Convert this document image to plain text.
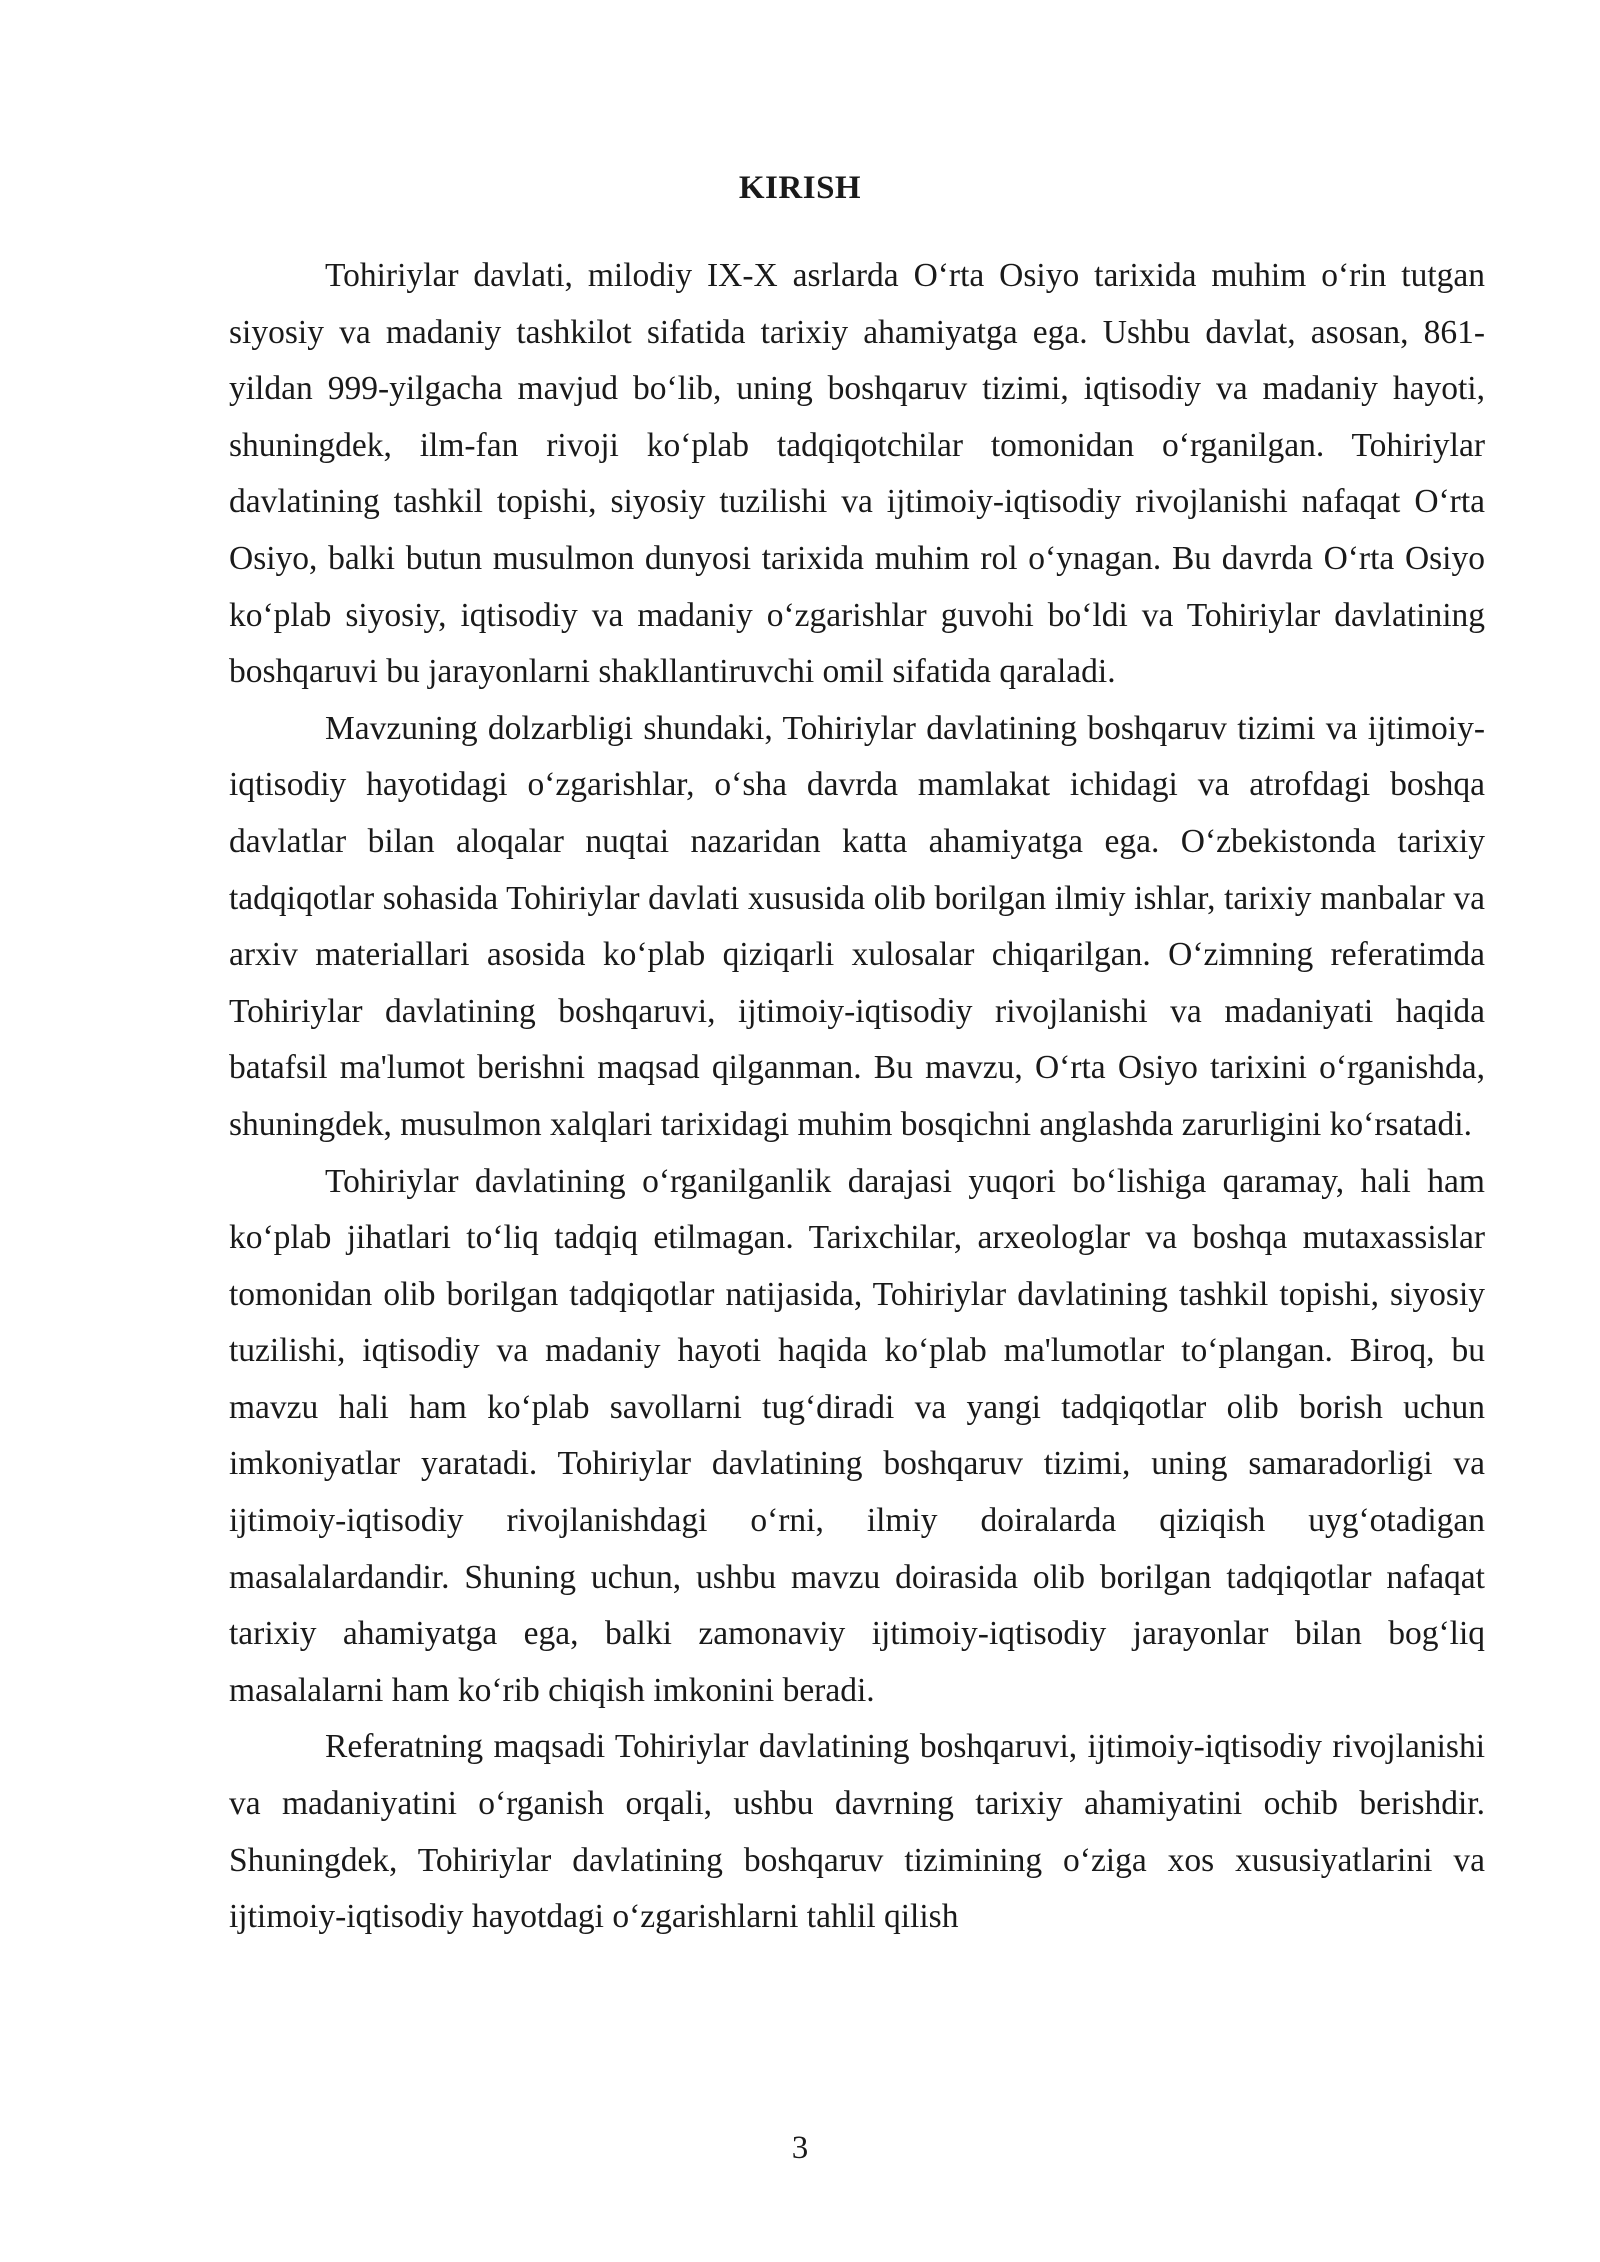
KIRISH

Tohiriylar davlati, milodiy IX-X asrlarda O‘rta Osiyo tarixida muhim o‘rin tutgan siyosiy va madaniy tashkilot sifatida tarixiy ahamiyatga ega. Ushbu davlat, asosan, 861-yildan 999-yilgacha mavjud bo‘lib, uning boshqaruv tizimi, iqtisodiy va madaniy hayoti, shuningdek, ilm-fan rivoji ko‘plab tadqiqotchilar tomonidan o‘rganilgan. Tohiriylar davlatining tashkil topishi, siyosiy tuzilishi va ijtimoiy-iqtisodiy rivojlanishi nafaqat O‘rta Osiyo, balki butun musulmon dunyosi tarixida muhim rol o‘ynagan. Bu davrda O‘rta Osiyo ko‘plab siyosiy, iqtisodiy va madaniy o‘zgarishlar guvohi bo‘ldi va Tohiriylar davlatining boshqaruvi bu jarayonlarni shakllantiruvchi omil sifatida qaraladi.

Mavzuning dolzarbligi shundaki, Tohiriylar davlatining boshqaruv tizimi va ijtimoiy-iqtisodiy hayotidagi o‘zgarishlar, o‘sha davrda mamlakat ichidagi va atrofdagi boshqa davlatlar bilan aloqalar nuqtai nazaridan katta ahamiyatga ega. O‘zbekistonda tarixiy tadqiqotlar sohasida Tohiriylar davlati xususida olib borilgan ilmiy ishlar, tarixiy manbalar va arxiv materiallari asosida ko‘plab qiziqarli xulosalar chiqarilgan. O‘zimning referatimda Tohiriylar davlatining boshqaruvi, ijtimoiy-iqtisodiy rivojlanishi va madaniyati haqida batafsil ma'lumot berishni maqsad qilganman. Bu mavzu, O‘rta Osiyo tarixini o‘rganishda, shuningdek, musulmon xalqlari tarixidagi muhim bosqichni anglashda zarurligini ko‘rsatadi.

Tohiriylar davlatining o‘rganilganlik darajasi yuqori bo‘lishiga qaramay, hali ham ko‘plab jihatlari to‘liq tadqiq etilmagan. Tarixchilar, arxeologlar va boshqa mutaxassislar tomonidan olib borilgan tadqiqotlar natijasida, Tohiriylar davlatining tashkil topishi, siyosiy tuzilishi, iqtisodiy va madaniy hayoti haqida ko‘plab ma'lumotlar to‘plangan. Biroq, bu mavzu hali ham ko‘plab savollarni tug‘diradi va yangi tadqiqotlar olib borish uchun imkoniyatlar yaratadi. Tohiriylar davlatining boshqaruv tizimi, uning samaradorligi va ijtimoiy-iqtisodiy rivojlanishdagi o‘rni, ilmiy doiralarda qiziqish uyg‘otadigan masalalardandir. Shuning uchun, ushbu mavzu doirasida olib borilgan tadqiqotlar nafaqat tarixiy ahamiyatga ega, balki zamonaviy ijtimoiy-iqtisodiy jarayonlar bilan bog‘liq masalalarni ham ko‘rib chiqish imkonini beradi.

Referatning maqsadi Tohiriylar davlatining boshqaruvi, ijtimoiy-iqtisodiy rivojlanishi va madaniyatini o‘rganish orqali, ushbu davrning tarixiy ahamiyatini ochib berishdir. Shuningdek, Tohiriylar davlatining boshqaruv tizimining o‘ziga xos xususiyatlarini va ijtimoiy-iqtisodiy hayotdagi o‘zgarishlarni tahlil qilish

3
